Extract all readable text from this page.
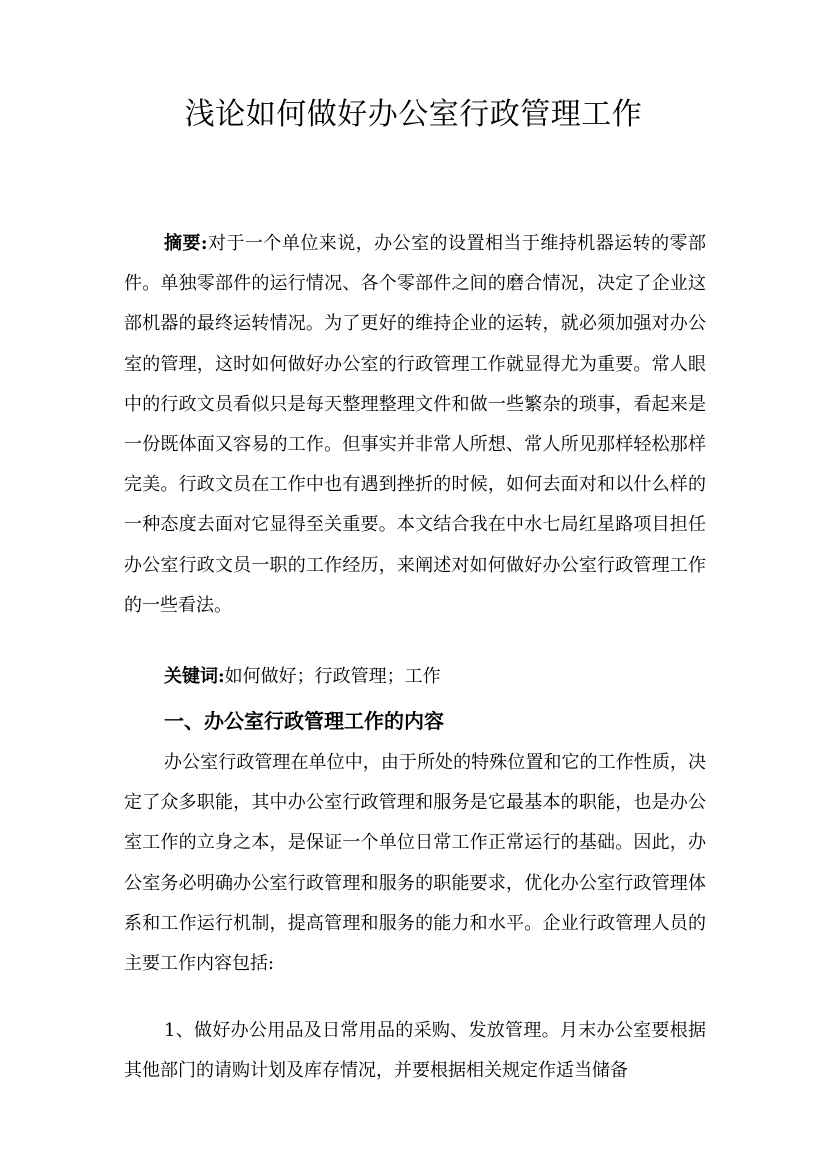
浅论如何做好办公室行政管理工作

摘要:对于一个单位来说，办公室的设置相当于维持机器运转的零部件。单独零部件的运行情况、各个零部件之间的磨合情况，决定了企业这部机器的最终运转情况。为了更好的维持企业的运转，就必须加强对办公室的管理，这时如何做好办公室的行政管理工作就显得尤为重要。常人眼中的行政文员看似只是每天整理整理文件和做一些繁杂的琐事，看起来是一份既体面又容易的工作。但事实并非常人所想、常人所见那样轻松那样完美。行政文员在工作中也有遇到挫折的时候，如何去面对和以什么样的一种态度去面对它显得至关重要。本文结合我在中水七局红星路项目担任办公室行政文员一职的工作经历，来阐述对如何做好办公室行政管理工作的一些看法。

关键词:如何做好；行政管理；工作

一、办公室行政管理工作的内容

办公室行政管理在单位中，由于所处的特殊位置和它的工作性质，决定了众多职能，其中办公室行政管理和服务是它最基本的职能，也是办公室工作的立身之本，是保证一个单位日常工作正常运行的基础。因此，办公室务必明确办公室行政管理和服务的职能要求，优化办公室行政管理体系和工作运行机制，提高管理和服务的能力和水平。企业行政管理人员的主要工作内容包括:

1、做好办公用品及日常用品的采购、发放管理。月末办公室要根据其他部门的请购计划及库存情况，并要根据相关规定作适当储备
